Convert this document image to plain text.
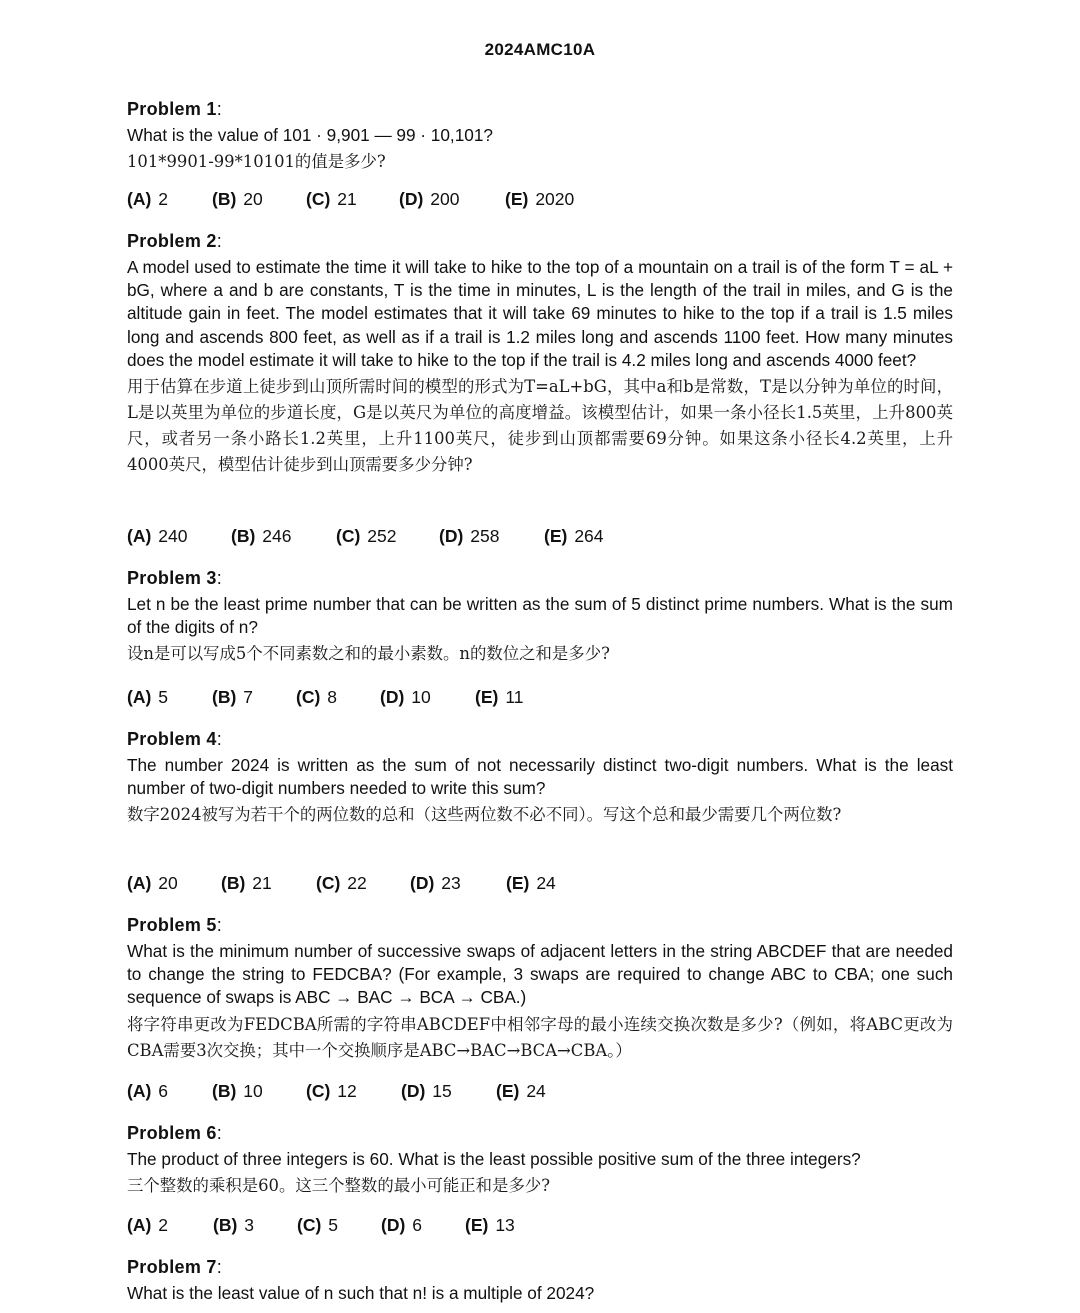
2024AMC10A
Problem 1:
What is the value of 101 · 9,901 — 99 · 10,101?
101*9901-99*10101的值是多少?
(A) 2	(B) 20 (C) 21 (D) 200	(E) 2020
Problem 2:
A model used to estimate the time it will take to hike to the top of a mountain on a trail is of the form T = aL + bG, where a and b are constants, T is the time in minutes, L is the length of the trail in miles, and G is the altitude gain in feet. The model estimates that it will take 69 minutes to hike to the top if a trail is 1.5 miles long and ascends 800 feet, as well as if a trail is 1.2 miles long and ascends 1100 feet. How many minutes does the model estimate it will take to hike to the top if the trail is 4.2 miles long and ascends 4000 feet?
用于估算在步道上徒步到山顶所需时间的模型的形式为T=aL+bG，其中a和b是常数，T是以分钟为单位的时间，L是以英里为单位的步道长度，G是以英尺为单位的高度增益。该模型估计，如果一条小径长1.5英里，上升800英尺，或者另一条小路长1.2英里，上升1100英尺，徒步到山顶都需要69分钟。如果这条小径长4.2英里，上升4000英尺，模型估计徒步到山顶需要多少分钟?
(A) 240 (B) 246	(C) 252 (D) 258	(E) 264
Problem 3:
Let n be the least prime number that can be written as the sum of 5 distinct prime numbers. What is the sum of the digits of n?
设n是可以写成5个不同素数之和的最小素数。n的数位之和是多少?
(A) 5	(B) 7 (C) 8 (D) 10	(E) 11
Problem 4:
The number 2024 is written as the sum of not necessarily distinct two-digit numbers. What is the least number of two-digit numbers needed to write this sum?
数字2024被写为若干个的两位数的总和（这些两位数不必不同）。写这个总和最少需要几个两位数?
(A) 20 (B) 21	(C) 22 (D) 23	(E) 24
Problem 5:
What is the minimum number of successive swaps of adjacent letters in the string ABCDEF that are needed to change the string to FEDCBA? (For example, 3 swaps are required to change ABC to CBA; one such sequence of swaps is ABC → BAC → BCA → CBA.)
将字符串更改为FEDCBA所需的字符串ABCDEF中相邻字母的最小连续交换次数是多少?（例如，将ABC更改为CBA需要3次交换；其中一个交换顺序是ABC→BAC→BCA→CBA。）
(A) 6	(B) 10 (C) 12	(D) 15	(E) 24
Problem 6:
The product of three integers is 60. What is the least possible positive sum of the three integers?
三个整数的乘积是60。这三个整数的最小可能正和是多少?
(A) 2	(B) 3 (C) 5 (D) 6 (E) 13
Problem 7:
What is the least value of n such that n! is a multiple of 2024?
